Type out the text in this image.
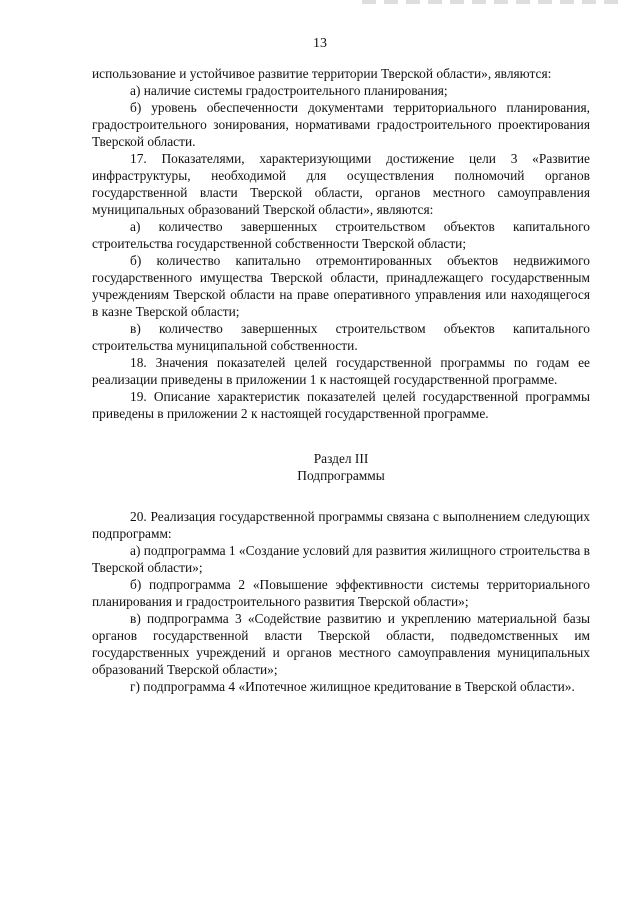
13

использование и устойчивое развитие территории Тверской области», являются:

а) наличие системы градостроительного планирования;

б) уровень обеспеченности документами территориального планирования, градостроительного зонирования, нормативами градостроительного проектирования Тверской области.

17. Показателями, характеризующими достижение цели 3 «Развитие инфраструктуры, необходимой для осуществления полномочий органов государственной власти Тверской области, органов местного самоуправления муниципальных образований Тверской области», являются:

а) количество завершенных строительством объектов капитального строительства государственной собственности Тверской области;

б) количество капитально отремонтированных объектов недвижимого государственного имущества Тверской области, принадлежащего государственным учреждениям Тверской области на праве оперативного управления или находящегося в казне Тверской области;

в) количество завершенных строительством объектов капитального строительства муниципальной собственности.

18. Значения показателей целей государственной программы по годам ее реализации приведены в приложении 1 к настоящей государственной программе.

19. Описание характеристик показателей целей государственной программы приведены в приложении 2 к настоящей государственной программе.

Раздел III
Подпрограммы

20. Реализация государственной программы связана с выполнением следующих подпрограмм:

а) подпрограмма 1 «Создание условий для развития жилищного строительства в Тверской области»;

б) подпрограмма 2 «Повышение эффективности системы территориального планирования и градостроительного развития Тверской области»;

в) подпрограмма 3 «Содействие развитию и укреплению материальной базы органов государственной власти Тверской области, подведомственных им государственных учреждений и органов местного самоуправления муниципальных образований Тверской области»;

г) подпрограмма 4 «Ипотечное жилищное кредитование в Тверской области».
